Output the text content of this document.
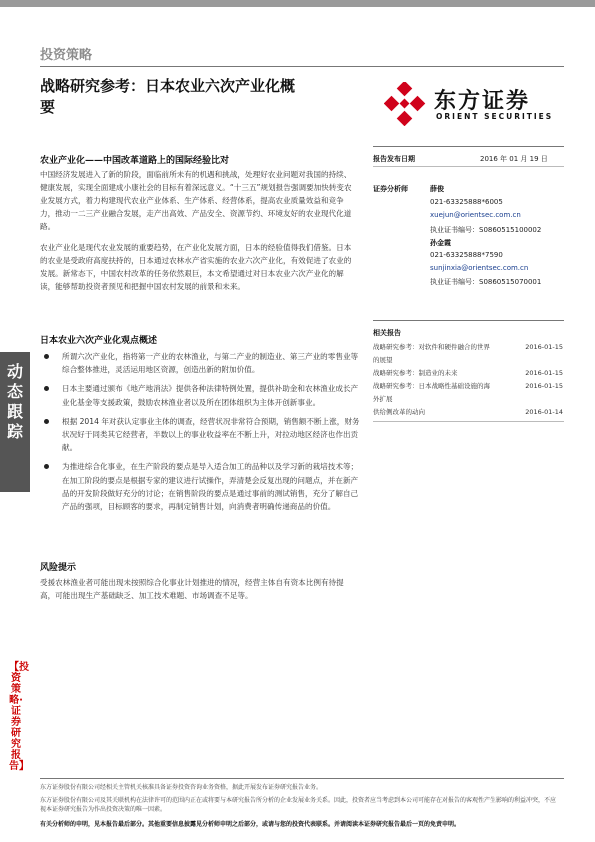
投资策略
战略研究参考：日本农业六次产业化概
要	东方证券
ORIENT SECURITIES
农业产业化——中国改革道路上的国际经验比对
中国经济发展进入了新的阶段，面临前所未有的机遇和挑战，处理好农业问题对我国的持续、健康发展，实现全面建成小康社会的目标有着深远意义。“十三五”规划报告强调要加快转变农业发展方式，着力构建现代农业产业体系、生产体系、经营体系，提高农业质量效益和竞争力，推动一二三产业融合发展，走产出高效、产品安全、资源节约、环境友好的农业现代化道路。
农业产业化是现代农业发展的重要趋势，在产业化发展方面，日本的经验值得我们借鉴。日本的农业是受政府高度扶持的，日本通过农林水产省实施的农业六次产业化，有效促进了农业的发展。新常态下，中国农村改革的任务依然艰巨，本文希望通过对日本农业六次产业化的解读，能够帮助投资者预见和把握中国农村发展的前景和未来。
日本农业六次产业化观点概述
所谓六次产业化，指将第一产业的农林渔业，与第二产业的制造业、第三产业的零售业等综合整体推进，灵活运用地区资源，创造出新的附加价值。
日本主要通过颁布《地产地消法》提供各种法律特例处置，提供补助金和农林渔业成长产业化基金等支援政策，鼓励农林渔业者以及所在团体组织为主体开创新事业。
根据 2014 年对获认定事业主体的调查，经营状况非常符合预期，销售额不断上涨，财务状况好于同类其它经营者，半数以上的事业收益率在不断上升，对拉动地区经济也作出贡献。
为推进综合化事业，在生产阶段的要点是导入适合加工的品种以及学习新的栽培技术等；在加工阶段的要点是根据专家的建议进行试操作，弄清楚会反复出现的问题点，并在新产品的开发阶段做好充分的讨论；在销售阶段的要点是通过事前的测试销售，充分了解自己产品的强项，目标顾客的要求，再制定销售计划，向消费者明确传递商品的价值。
风险提示
受援农林渔业者可能出现未按照综合化事业计划推进的情况，经营主体自有资本比例有待提高，可能出现生产基础缺乏、加工技术难题、市场调查不足等。
报告发布日期	2016 年 01 月 19 日
证券分析师	薛俊
021-63325888*6005
xuejun@orientsec.com.cn
执业证书编号：S0860515100002
孙金霞
021-63325888*7590
sunjinxia@orientsec.com.cn
执业证书编号：S0860515070001
相关报告
战略研究参考：对软件和硬件融合的世界	2016-01-15
的展望
战略研究参考：制造业的未来	2016-01-15
战略研究参考：日本战略性基础设施的海	2016-01-15
外扩展
供给侧改革的动向	2016-01-14
动
态
跟
踪
【投资策略·证券研究报告】
东方证券股份有限公司经相关主管机关核准具备证券投资咨询业务资格，据此开展发布证券研究报告业务。
东方证券股份有限公司及其关联机构在法律许可的范围内正在或将要与本研究报告所分析的企业发展业务关系。因此，投资者应当考虑到本公司可能存在对报告的客观性产生影响的利益冲突，不应视本证券研究报告为作出投资决策的唯一因素。
有关分析师的申明，见本报告最后部分。其他重要信息披露见分析师申明之后部分，或请与您的投资代表联系。并请阅读本证券研究报告最后一页的免责申明。
